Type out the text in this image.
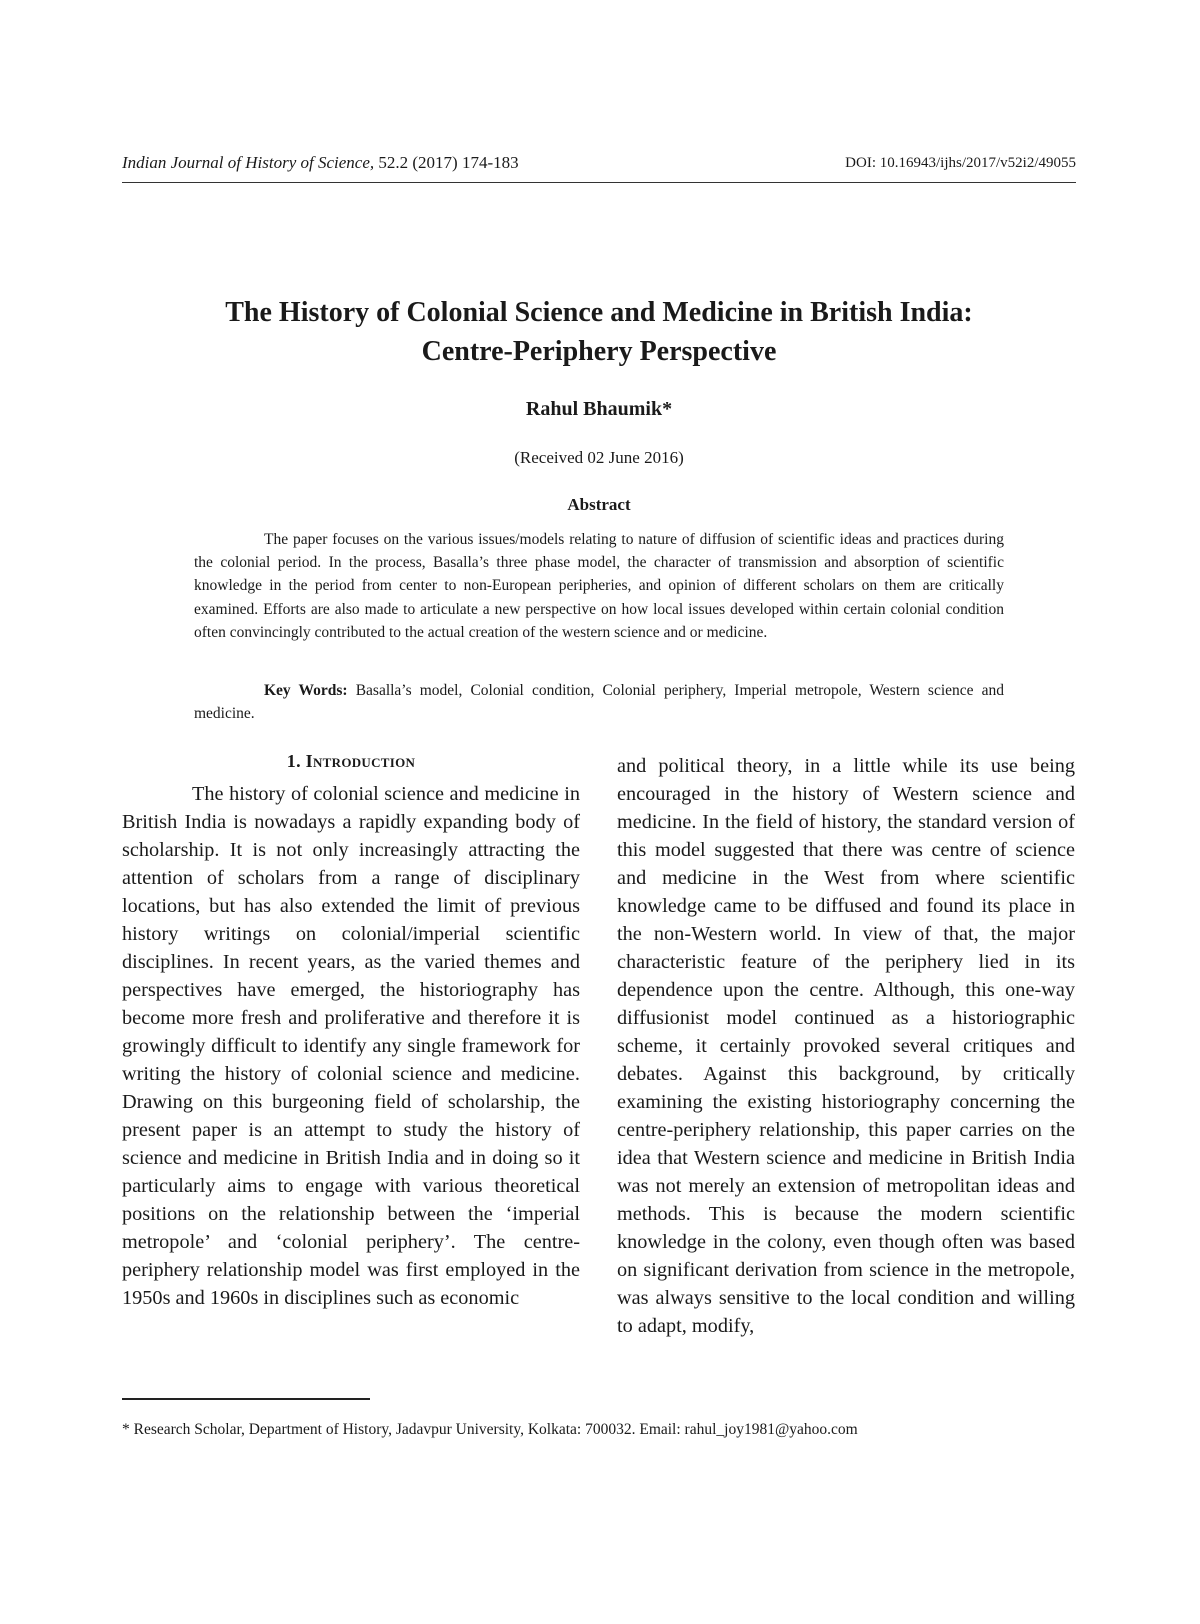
Indian Journal of History of Science, 52.2 (2017) 174-183	DOI: 10.16943/ijhs/2017/v52i2/49055
The History of Colonial Science and Medicine in British India:
Centre-Periphery Perspective

Rahul Bhaumik*

(Received 02 June 2016)

Abstract

The paper focuses on the various issues/models relating to nature of diffusion of scientific ideas and practices during the colonial period. In the process, Basalla’s three phase model, the character of transmission and absorption of scientific knowledge in the period from center to non-European peripheries, and opinion of different scholars on them are critically examined. Efforts are also made to articulate a new perspective on how local issues developed within certain colonial condition often convincingly contributed to the actual creation of the western science and or medicine.

Key Words: Basalla’s model, Colonial condition, Colonial periphery, Imperial metropole, Western science and medicine.

1. Introduction

The history of colonial science and medicine in British India is nowadays a rapidly expanding body of scholarship. It is not only increasingly attracting the attention of scholars from a range of disciplinary locations, but has also extended the limit of previous history writings on colonial/imperial scientific disciplines. In recent years, as the varied themes and perspectives have emerged, the historiography has become more fresh and proliferative and therefore it is growingly difficult to identify any single framework for writing the history of colonial science and medicine. Drawing on this burgeoning field of scholarship, the present paper is an attempt to study the history of science and medicine in British India and in doing so it particularly aims to engage with various theoretical positions on the relationship between the ‘imperial metropole’ and ‘colonial periphery’. The centre-periphery relationship model was first employed in the 1950s and 1960s in disciplines such as economic

and political theory, in a little while its use being encouraged in the history of Western science and medicine. In the field of history, the standard version of this model suggested that there was centre of science and medicine in the West from where scientific knowledge came to be diffused and found its place in the non-Western world. In view of that, the major characteristic feature of the periphery lied in its dependence upon the centre. Although, this one-way diffusionist model continued as a historiographic scheme, it certainly provoked several critiques and debates. Against this background, by critically examining the existing historiography concerning the centre-periphery relationship, this paper carries on the idea that Western science and medicine in British India was not merely an extension of metropolitan ideas and methods. This is because the modern scientific knowledge in the colony, even though often was based on significant derivation from science in the metropole, was always sensitive to the local condition and willing to adapt, modify,

* Research Scholar, Department of History, Jadavpur University, Kolkata: 700032. Email: rahul_joy1981@yahoo.com
